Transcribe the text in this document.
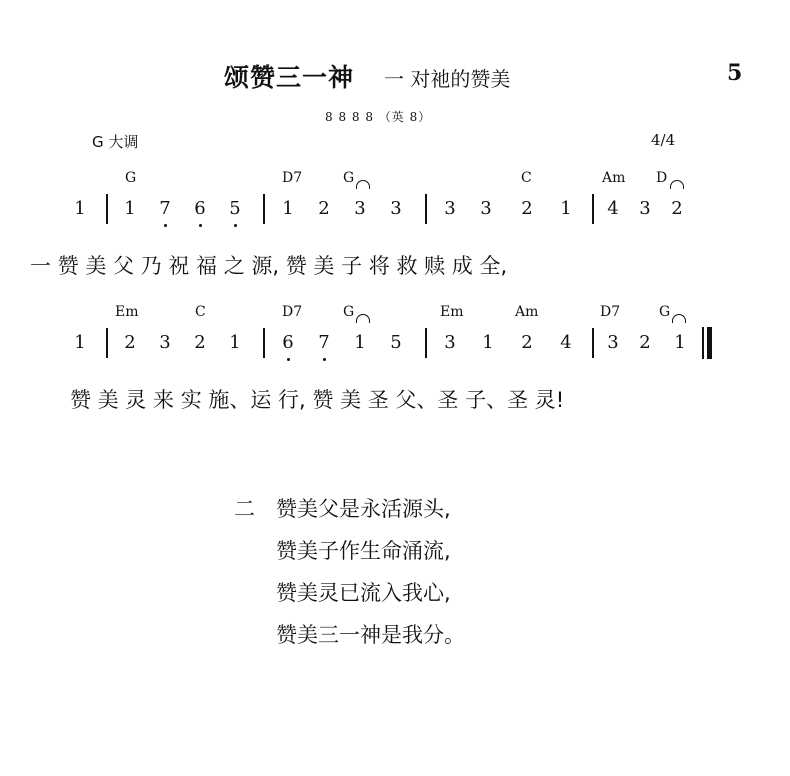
颂赞三一神 一 对祂的赞美	5
8 8 8 8 （英 8）
G 大调	4/4
G	D7	G	C	Am D
1 1 7 6 5 1 2 3 3 3 3 2 1 4 3 2
一 赞 美 父 乃 祝 福 之 源, 赞 美 子 将 救 赎 成 全,
Em	C	D7	G	Em	Am	D7	G
1 2 3 2 1 6 7 1 5 3 1 2 4 3 2 1
赞 美 灵 来 实 施、运 行, 赞 美 圣 父、圣 子、圣 灵!
二 赞美父是永活源头,
赞美子作生命涌流,
赞美灵已流入我心,
赞美三一神是我分。
